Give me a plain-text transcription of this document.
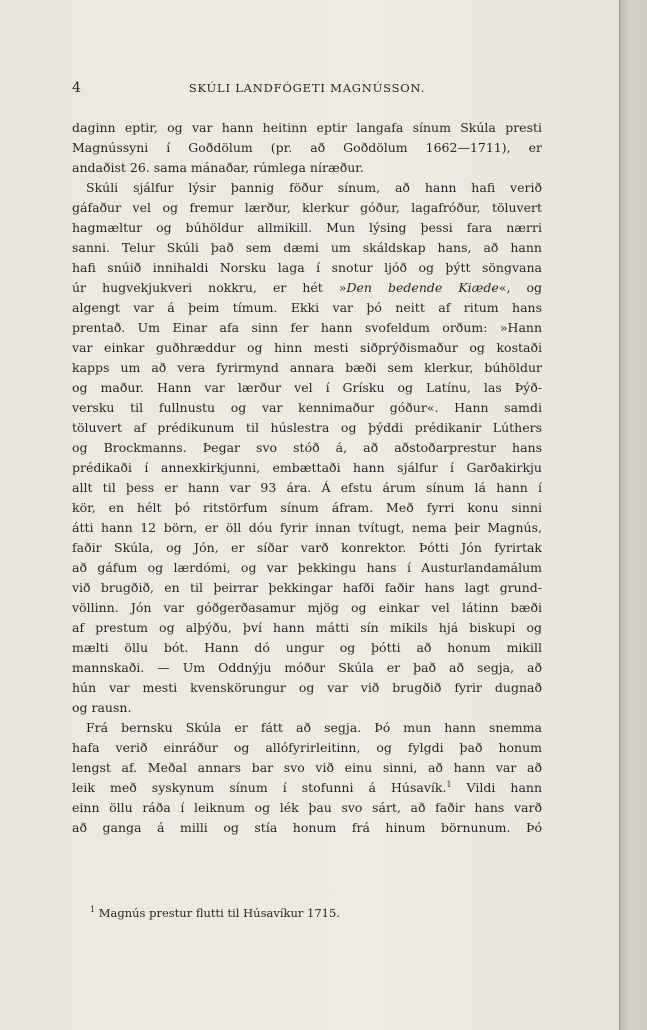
4	SKÚLI LANDFÓGETI MAGNÚSSON.
daginn eptir, og var hann heitinn eptir langafa sínum Skúla presti
Magnússyni í Goðdölum (pr. að Goðdölum 1662—1711), er
andaðist 26. sama mánaðar, rúmlega níræður.
Skúli sjálfur lýsir þannig föður sínum, að hann hafi verið
gáfaður vel og fremur lærður, klerkur góður, lagafróður, töluvert
hagmæltur og búhöldur allmikill. Mun lýsing þessi fara nærri
sanni. Telur Skúli það sem dæmi um skáldskap hans, að hann
hafi snúið innihaldi Norsku laga í snotur ljóð og þýtt söngvana
úr hugvekjukveri nokkru, er hét »Den bedende Kiæde«, og
algengt var á þeim tímum. Ekki var þó neitt af ritum hans
prentað. Um Einar afa sinn fer hann svofeldum orðum: »Hann
var einkar guðhræddur og hinn mesti siðprýðismaður og kostaði
kapps um að vera fyrirmynd annara bæði sem klerkur, búhöldur
og maður. Hann var lærður vel í Grísku og Latínu, las Þýð-
versku til fullnustu og var kennimaður góður«. Hann samdi
töluvert af prédikunum til húslestra og þýddi prédikanir Lúthers
og Brockmanns. Þegar svo stóð á, að aðstoðarprestur hans
prédikaði í annexkirkjunni, embættaði hann sjálfur í Garðakirkju
allt til þess er hann var 93 ára. Á efstu árum sínum lá hann í
kör, en hélt þó ritstörfum sínum áfram. Með fyrri konu sinni
átti hann 12 börn, er öll dóu fyrir innan tvítugt, nema þeir Magnús,
faðir Skúla, og Jón, er síðar varð konrektor. Þótti Jón fyrirtak
að gáfum og lærdómi, og var þekkingu hans í Austurlandamálum
við brugðið, en til þeirrar þekkingar hafði faðir hans lagt grund-
völlinn. Jón var góðgerðasamur mjög og einkar vel látinn bæði
af prestum og alþýðu, því hann mátti sín mikils hjá biskupi og
mælti öllu bót. Hann dó ungur og þótti að honum mikill
mannskaði. — Um Oddnýju móður Skúla er það að segja, að
hún var mesti kvenskörungur og var við brugðið fyrir dugnað
og rausn.
Frá bernsku Skúla er fátt að segja. Þó mun hann snemma
hafa verið einráður og allófyrirleitinn, og fylgdi það honum
lengst af. Meðal annars bar svo við einu sinni, að hann var að
leik með syskynum sínum í stofunni á Húsavík.$^1$ Vildi hann
einn öllu ráða í leiknum og lék þau svo sárt, að faðir hans varð
að ganga á milli og stía honum frá hinum börnunum. Þó
$^1$ Magnús prestur flutti til Húsavíkur 1715.
